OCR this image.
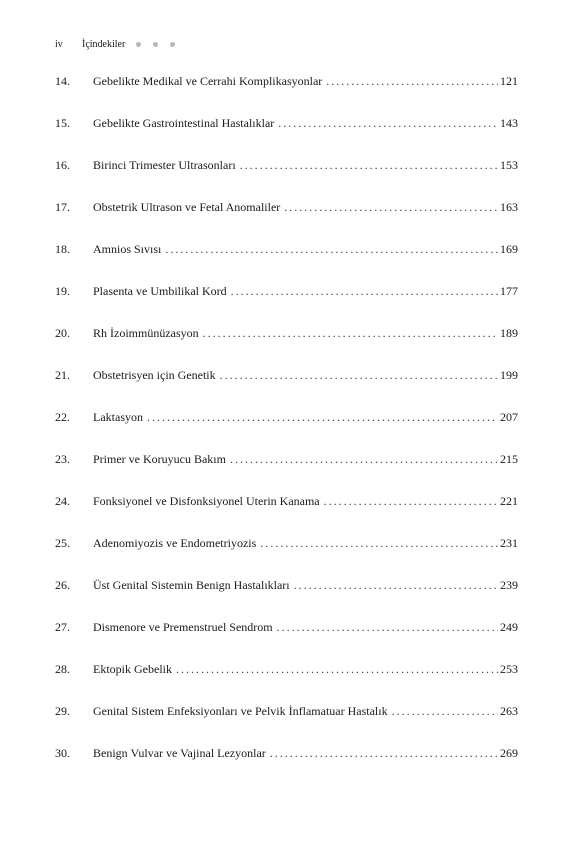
iv	İçindekiler
14.	Gebelikte Medikal ve Cerrahi Komplikasyonlar .....	121
15.	Gebelikte Gastrointestinal Hastalıklar .....	143
16.	Birinci Trimester Ultrasonları .....	153
17.	Obstetrik Ultrason ve Fetal Anomaliler .....	163
18.	Amnios Sıvısı .....	169
19.	Plasenta ve Umbilikal Kord .....	177
20.	Rh İzoimmünüzasyon .....	189
21.	Obstetrisyen için Genetik .....	199
22.	Laktasyon .....	207
23.	Primer ve Koruyucu Bakım .....	215
24.	Fonksiyonel ve Disfonksiyonel Uterin Kanama .....	221
25.	Adenomiyozis ve Endometriyozis .....	231
26.	Üst Genital Sistemin Benign Hastalıkları .....	239
27.	Dismenore ve Premenstruel Sendrom .....	249
28.	Ektopik Gebelik .....	253
29.	Genital Sistem Enfeksiyonları ve Pelvik İnflamatuar Hastalık .....	263
30.	Benign Vulvar ve Vajinal Lezyonlar .....	269
